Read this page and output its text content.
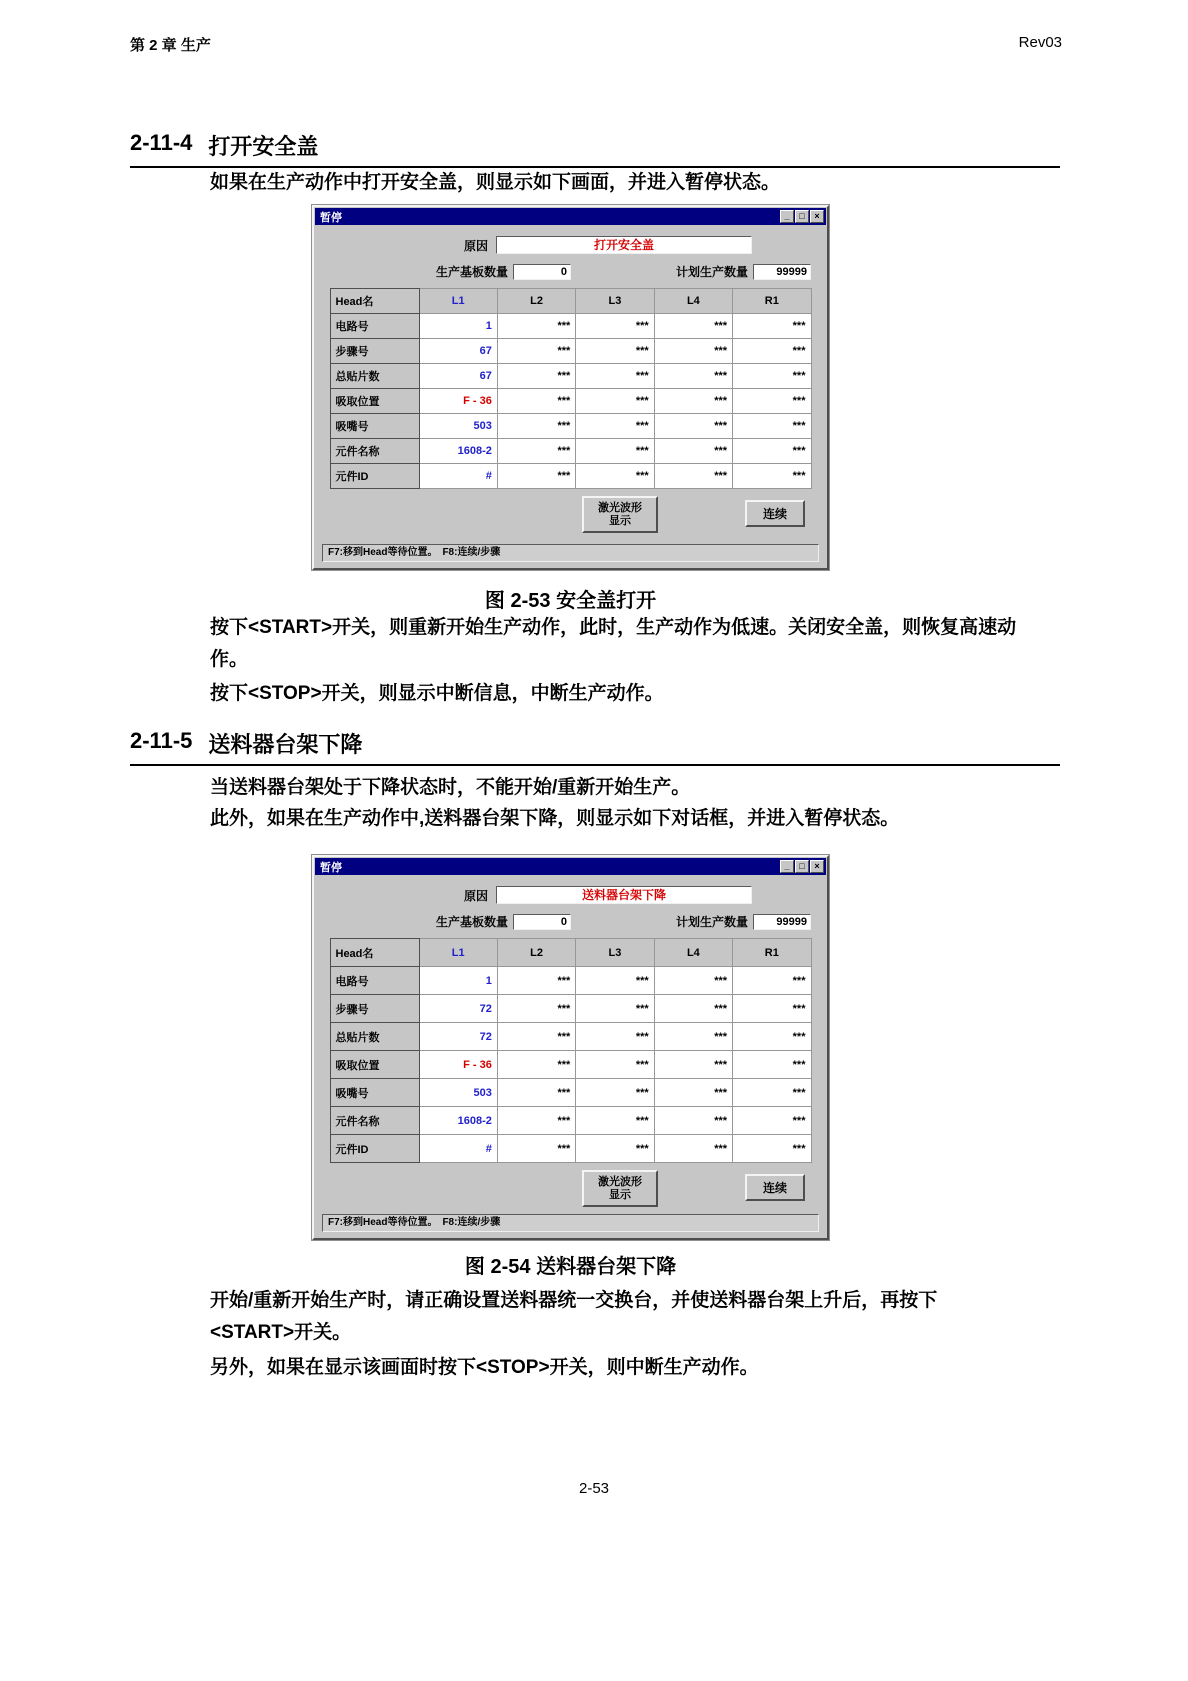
第 2 章 生产	Rev03
2-11-4 打开安全盖
如果在生产动作中打开安全盖，则显示如下画面，并进入暂停状态。
暂停	_	□	×
原因	打开安全盖
生产基板数量	0	计划生产数量	99999
Head名	L1	L2	L3	L4	R1
电路号	1	***	***	***	***
步骤号	67	***	***	***	***
总贴片数	67	***	***	***	***
吸取位置	F - 36	***	***	***	***
吸嘴号	503	***	***	***	***
元件名称	1608-2	***	***	***	***
元件ID	#	***	***	***	***
激光波形
显示	连续
F7:移到Head等待位置。　F8:连续/步骤
图 2-53 安全盖打开
按下<START>开关，则重新开始生产动作，此时，生产动作为低速。关闭安全盖，则恢复高速动作。
按下<STOP>开关，则显示中断信息，中断生产动作。
2-11-5 送料器台架下降
当送料器台架处于下降状态时，不能开始/重新开始生产。
此外，如果在生产动作中,送料器台架下降，则显示如下对话框，并进入暂停状态。
暂停	_	□	×
原因	送料器台架下降
生产基板数量	0	计划生产数量	99999
Head名	L1	L2	L3	L4	R1
电路号	1	***	***	***	***
步骤号	72	***	***	***	***
总贴片数	72	***	***	***	***
吸取位置	F - 36	***	***	***	***
吸嘴号	503	***	***	***	***
元件名称	1608-2	***	***	***	***
元件ID	#	***	***	***	***
激光波形
显示	连续
F7:移到Head等待位置。　F8:连续/步骤
图 2-54 送料器台架下降
开始/重新开始生产时，请正确设置送料器统一交换台，并使送料器台架上升后，再按下<START>开关。
另外，如果在显示该画面时按下<STOP>开关，则中断生产动作。
2-53
